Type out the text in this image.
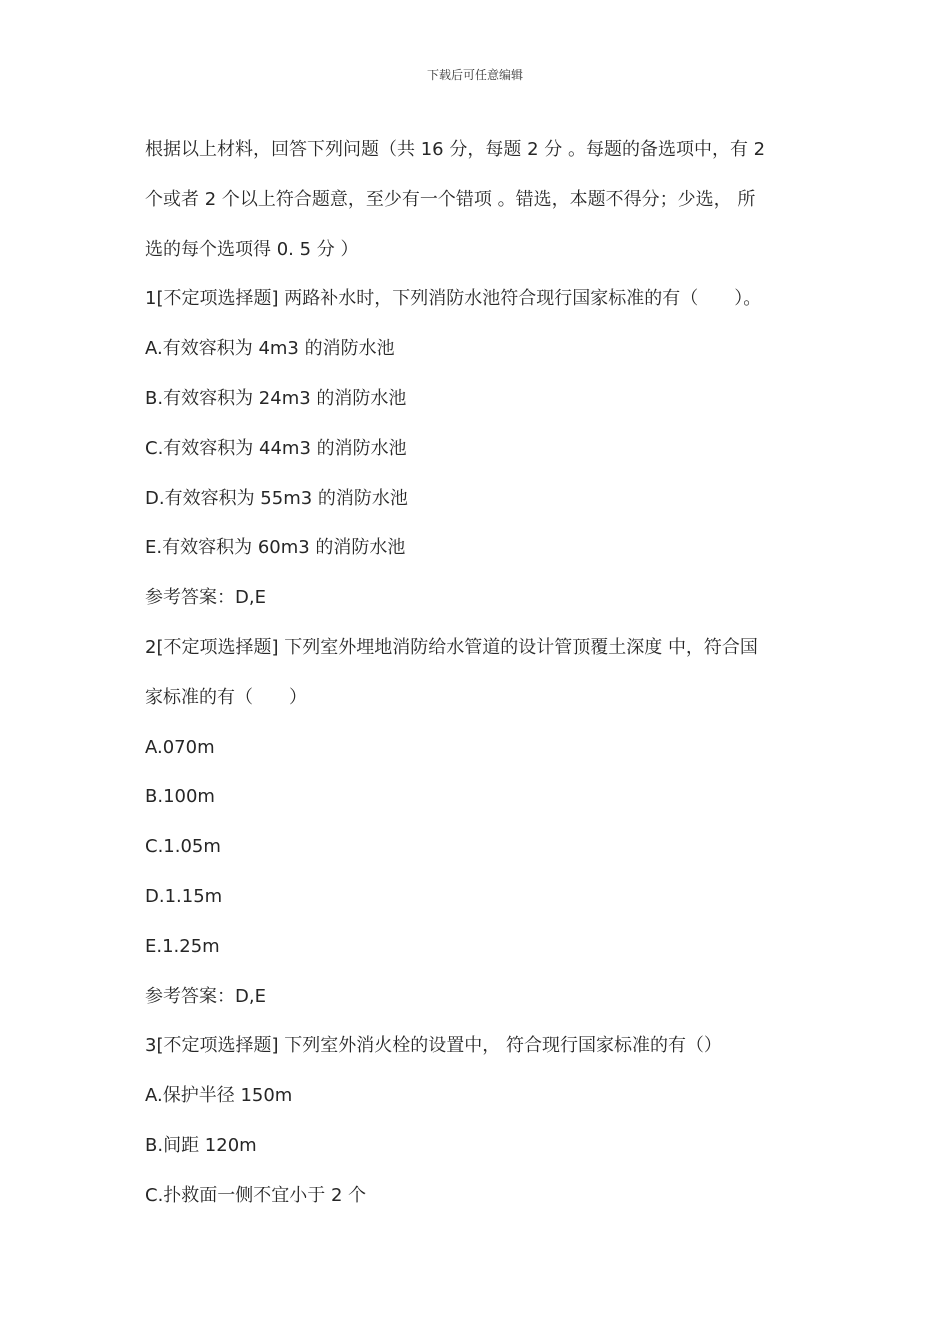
下载后可任意编辑
根据以上材料，回答下列问题（共 16 分，每题 2 分 。每题的备选项中，有 2
个或者 2 个以上符合题意，至少有一个错项 。错选，本题不得分；少选， 所
选的每个选项得 0. 5 分 ）
1[不定项选择题] 两路补水时，下列消防水池符合现行国家标准的有（　　）。
A.有效容积为 4m3 的消防水池
B.有效容积为 24m3 的消防水池
C.有效容积为 44m3 的消防水池
D.有效容积为 55m3 的消防水池
E.有效容积为 60m3 的消防水池
参考答案：D,E
2[不定项选择题] 下列室外埋地消防给水管道的设计管顶覆土深度 中，符合国
家标准的有（　　）
A.070m
B.100m
C.1.05m
D.1.15m
E.1.25m
参考答案：D,E
3[不定项选择题] 下列室外消火栓的设置中， 符合现行国家标准的有（）
A.保护半径 150m
B.间距 120m
C.扑救面一侧不宜小于 2 个
